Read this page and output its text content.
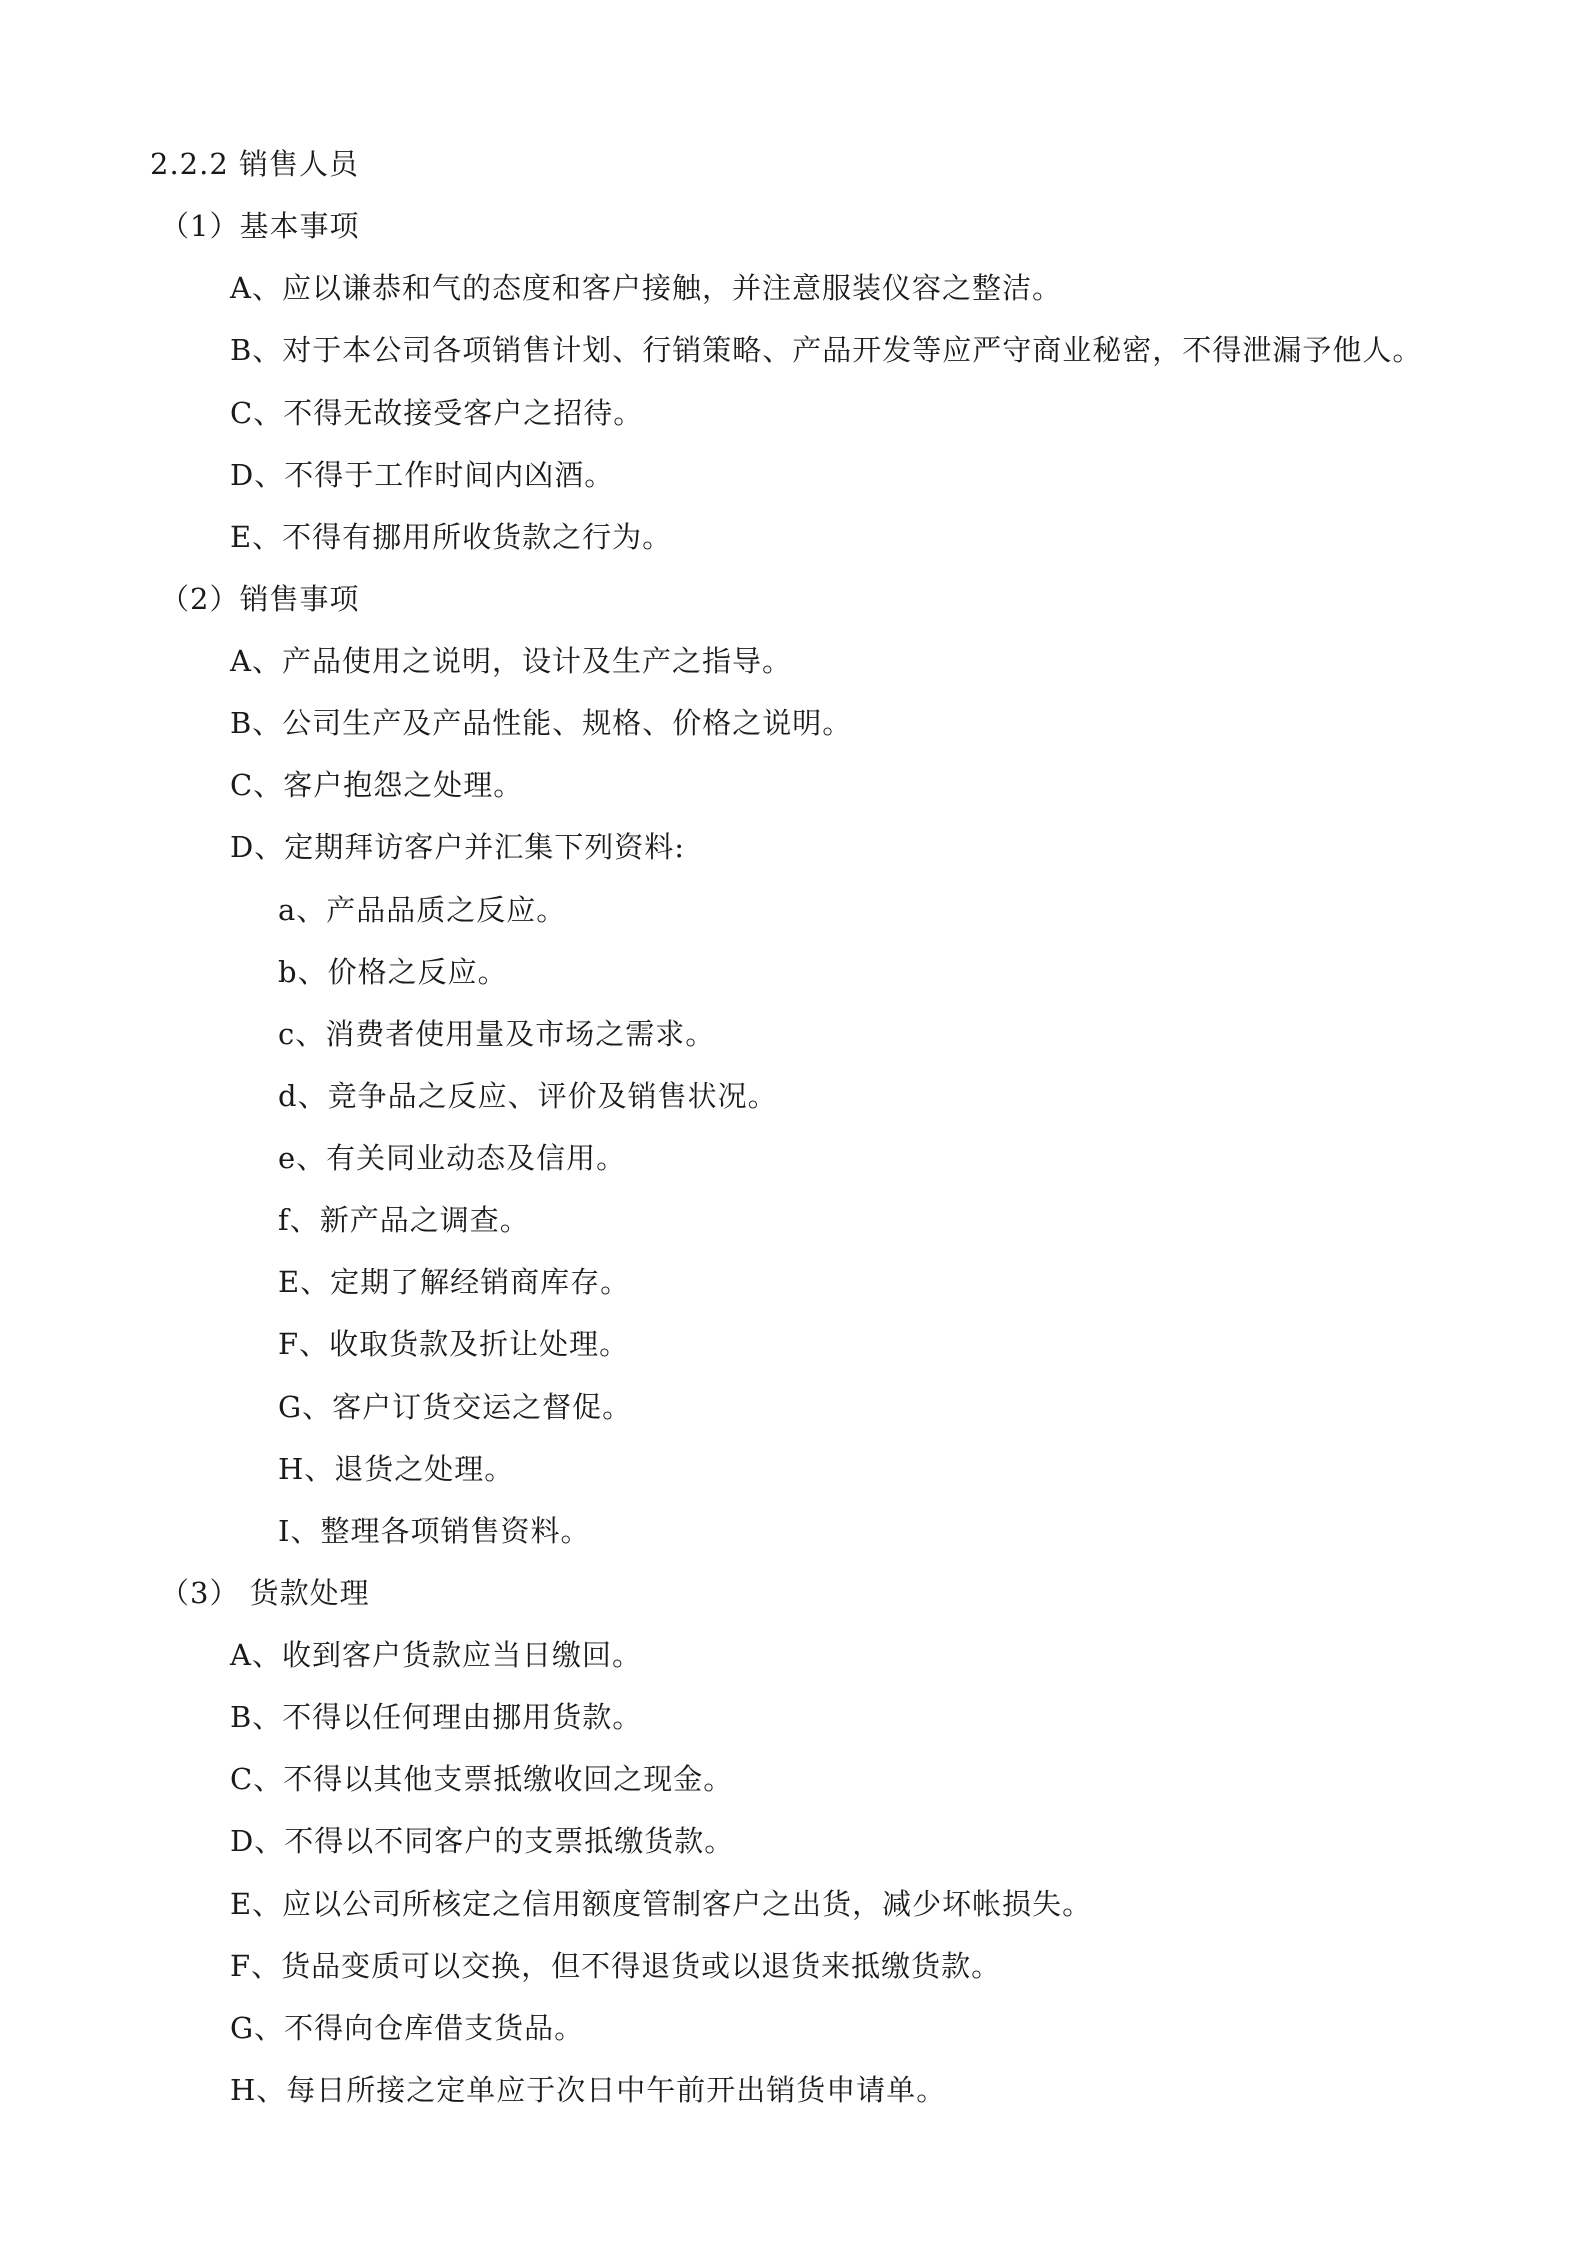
2.2.2 销售人员
（1）基本事项
A、应以谦恭和气的态度和客户接触，并注意服装仪容之整洁。
B、对于本公司各项销售计划、行销策略、产品开发等应严守商业秘密，不得泄漏予他人。
C、不得无故接受客户之招待。
D、不得于工作时间内凶酒。
E、不得有挪用所收货款之行为。
（2）销售事项
A、产品使用之说明，设计及生产之指导。
B、公司生产及产品性能、规格、价格之说明。
C、客户抱怨之处理。
D、定期拜访客户并汇集下列资料:
a、产品品质之反应。
b、价格之反应。
c、消费者使用量及市场之需求。
d、竞争品之反应、评价及销售状况。
e、有关同业动态及信用。
f、新产品之调查。
E、定期了解经销商库存。
F、收取货款及折让处理。
G、客户订货交运之督促。
H、退货之处理。
I、整理各项销售资料。
（3） 货款处理
A、收到客户货款应当日缴回。
B、不得以任何理由挪用货款。
C、不得以其他支票抵缴收回之现金。
D、不得以不同客户的支票抵缴货款。
E、应以公司所核定之信用额度管制客户之出货，减少坏帐损失。
F、货品变质可以交换，但不得退货或以退货来抵缴货款。
G、不得向仓库借支货品。
H、每日所接之定单应于次日中午前开出销货申请单。
